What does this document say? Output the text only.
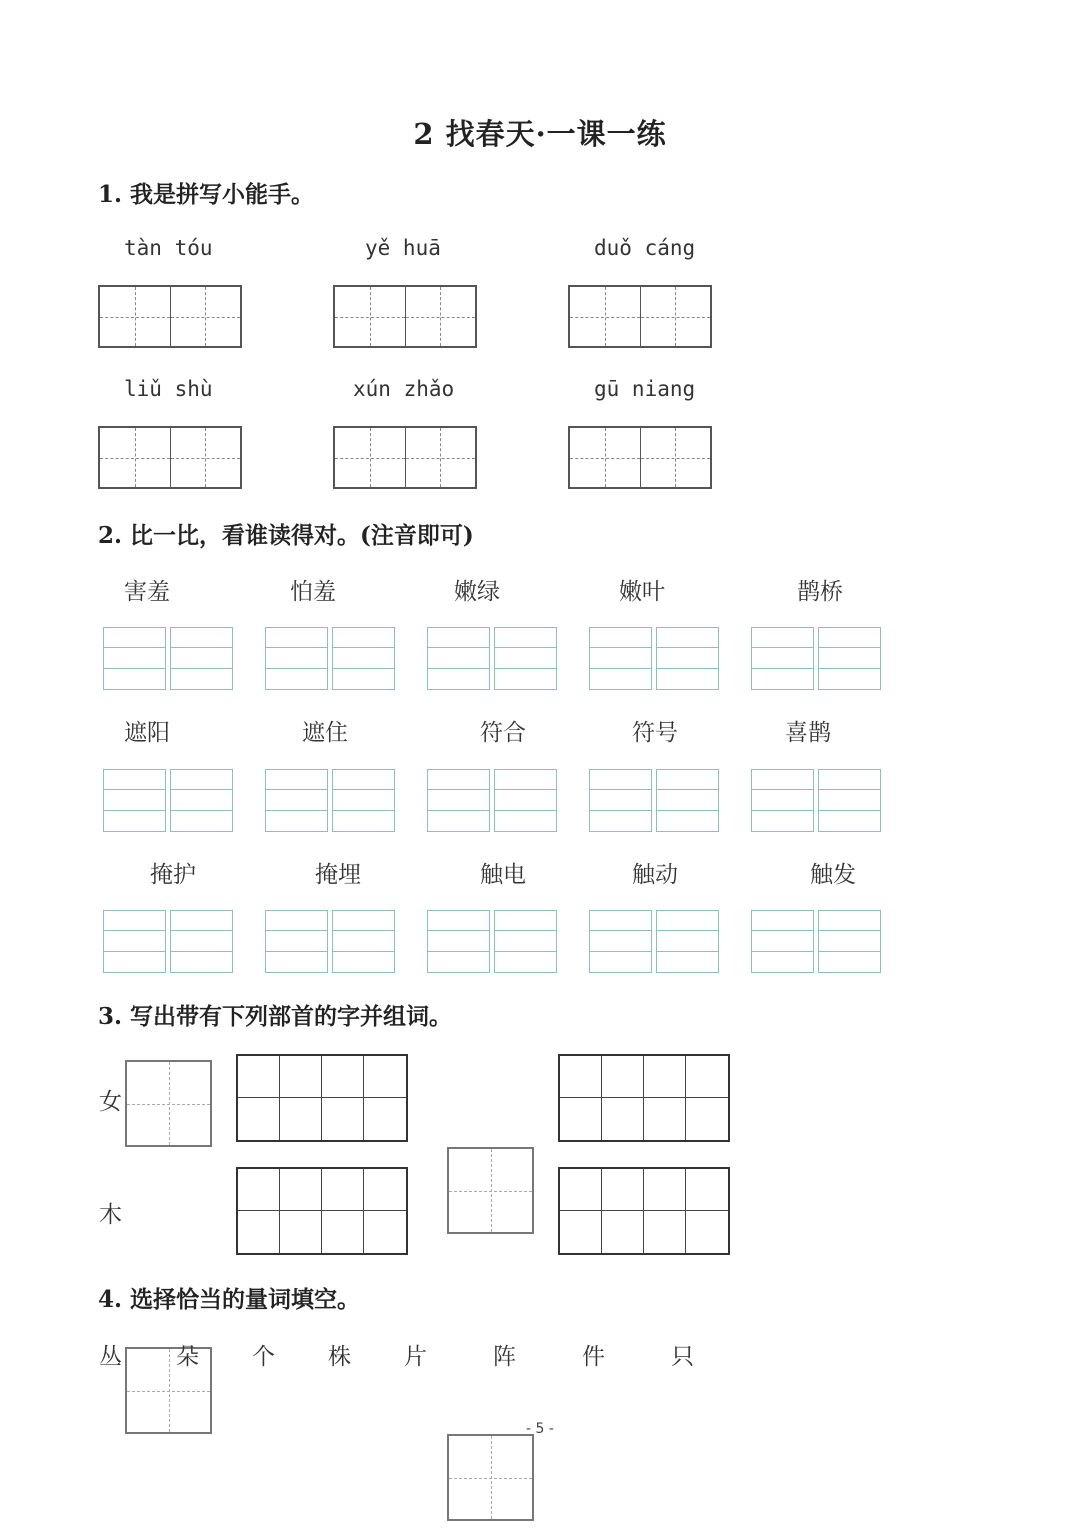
2 找春天·一课一练
1. 我是拼写小能手。
tàn tóu	yě huā	duǒ cáng
liǔ shù	xún zhǎo	gū niang
2. 比一比，看谁读得对。(注音即可)
害羞	怕羞	嫩绿	嫩叶	鹊桥
遮阳	遮住	符合	符号	喜鹊
掩护	掩埋	触电	触动	触发
3. 写出带有下列部首的字并组词。
女
木
4. 选择恰当的量词填空。
丛 朵 个 株 片	阵	件	只
- 5 -
